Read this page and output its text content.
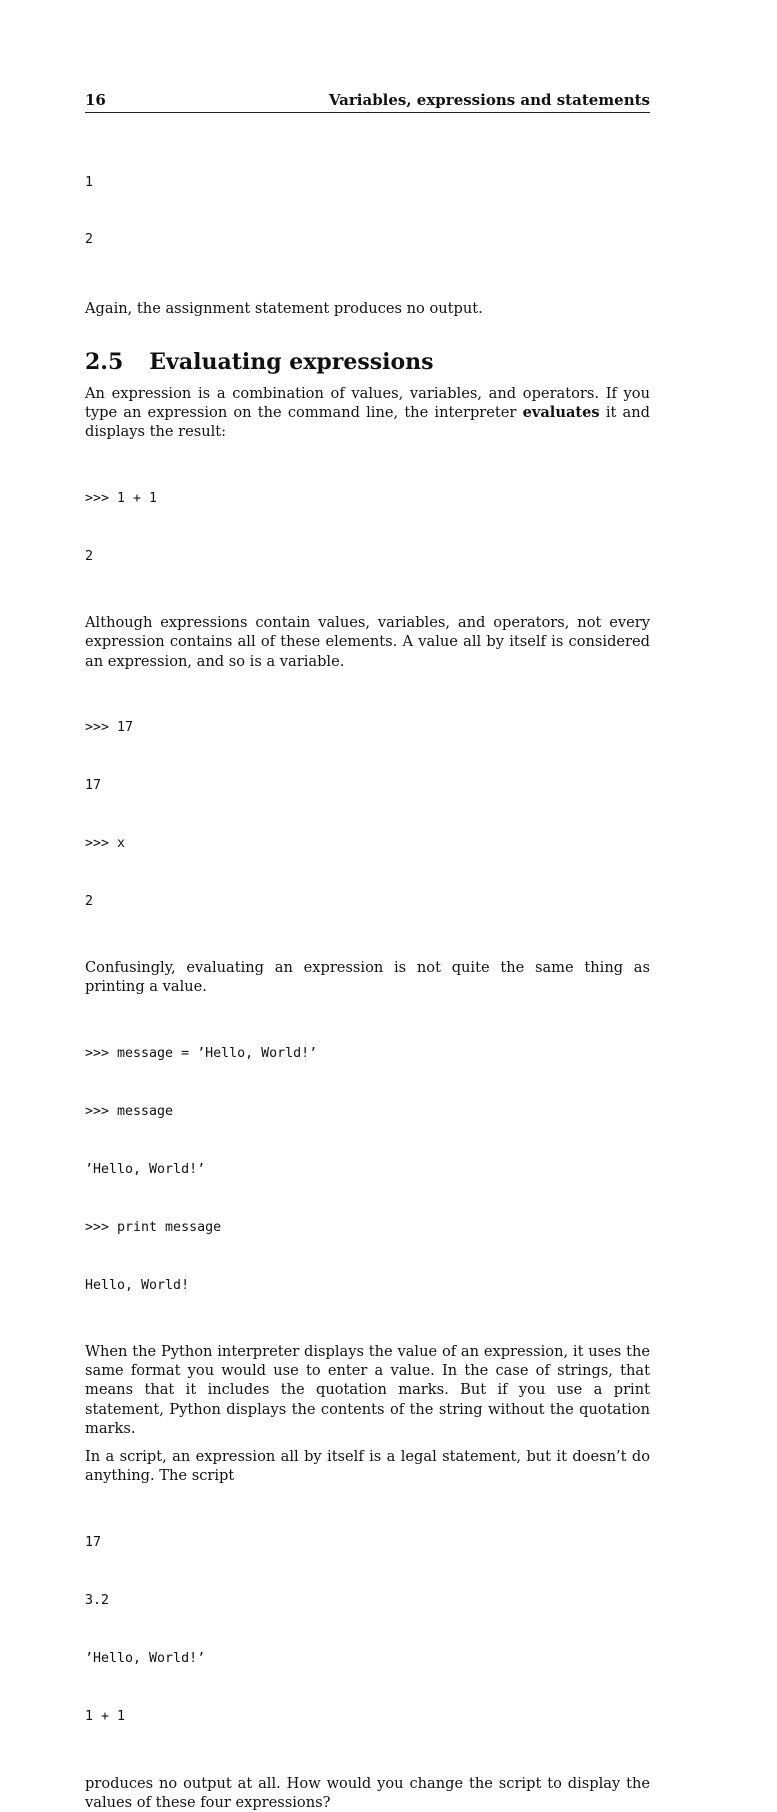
16	Variables, expressions and statements

1

2

Again, the assignment statement produces no output.

2.5 Evaluating expressions

An expression is a combination of values, variables, and operators. If you type an expression on the command line, the interpreter evaluates it and displays the result:

>>> 1 + 1

2

Although expressions contain values, variables, and operators, not every expression contains all of these elements. A value all by itself is considered an expression, and so is a variable.

>>> 17

17

>>> x

2

Confusingly, evaluating an expression is not quite the same thing as printing a value.

>>> message = ’Hello, World!’

>>> message

’Hello, World!’

>>> print message

Hello, World!

When the Python interpreter displays the value of an expression, it uses the same format you would use to enter a value. In the case of strings, that means that it includes the quotation marks. But if you use a print statement, Python displays the contents of the string without the quotation marks.

In a script, an expression all by itself is a legal statement, but it doesn’t do anything. The script

17

3.2

’Hello, World!’

1 + 1

produces no output at all. How would you change the script to display the values of these four expressions?
